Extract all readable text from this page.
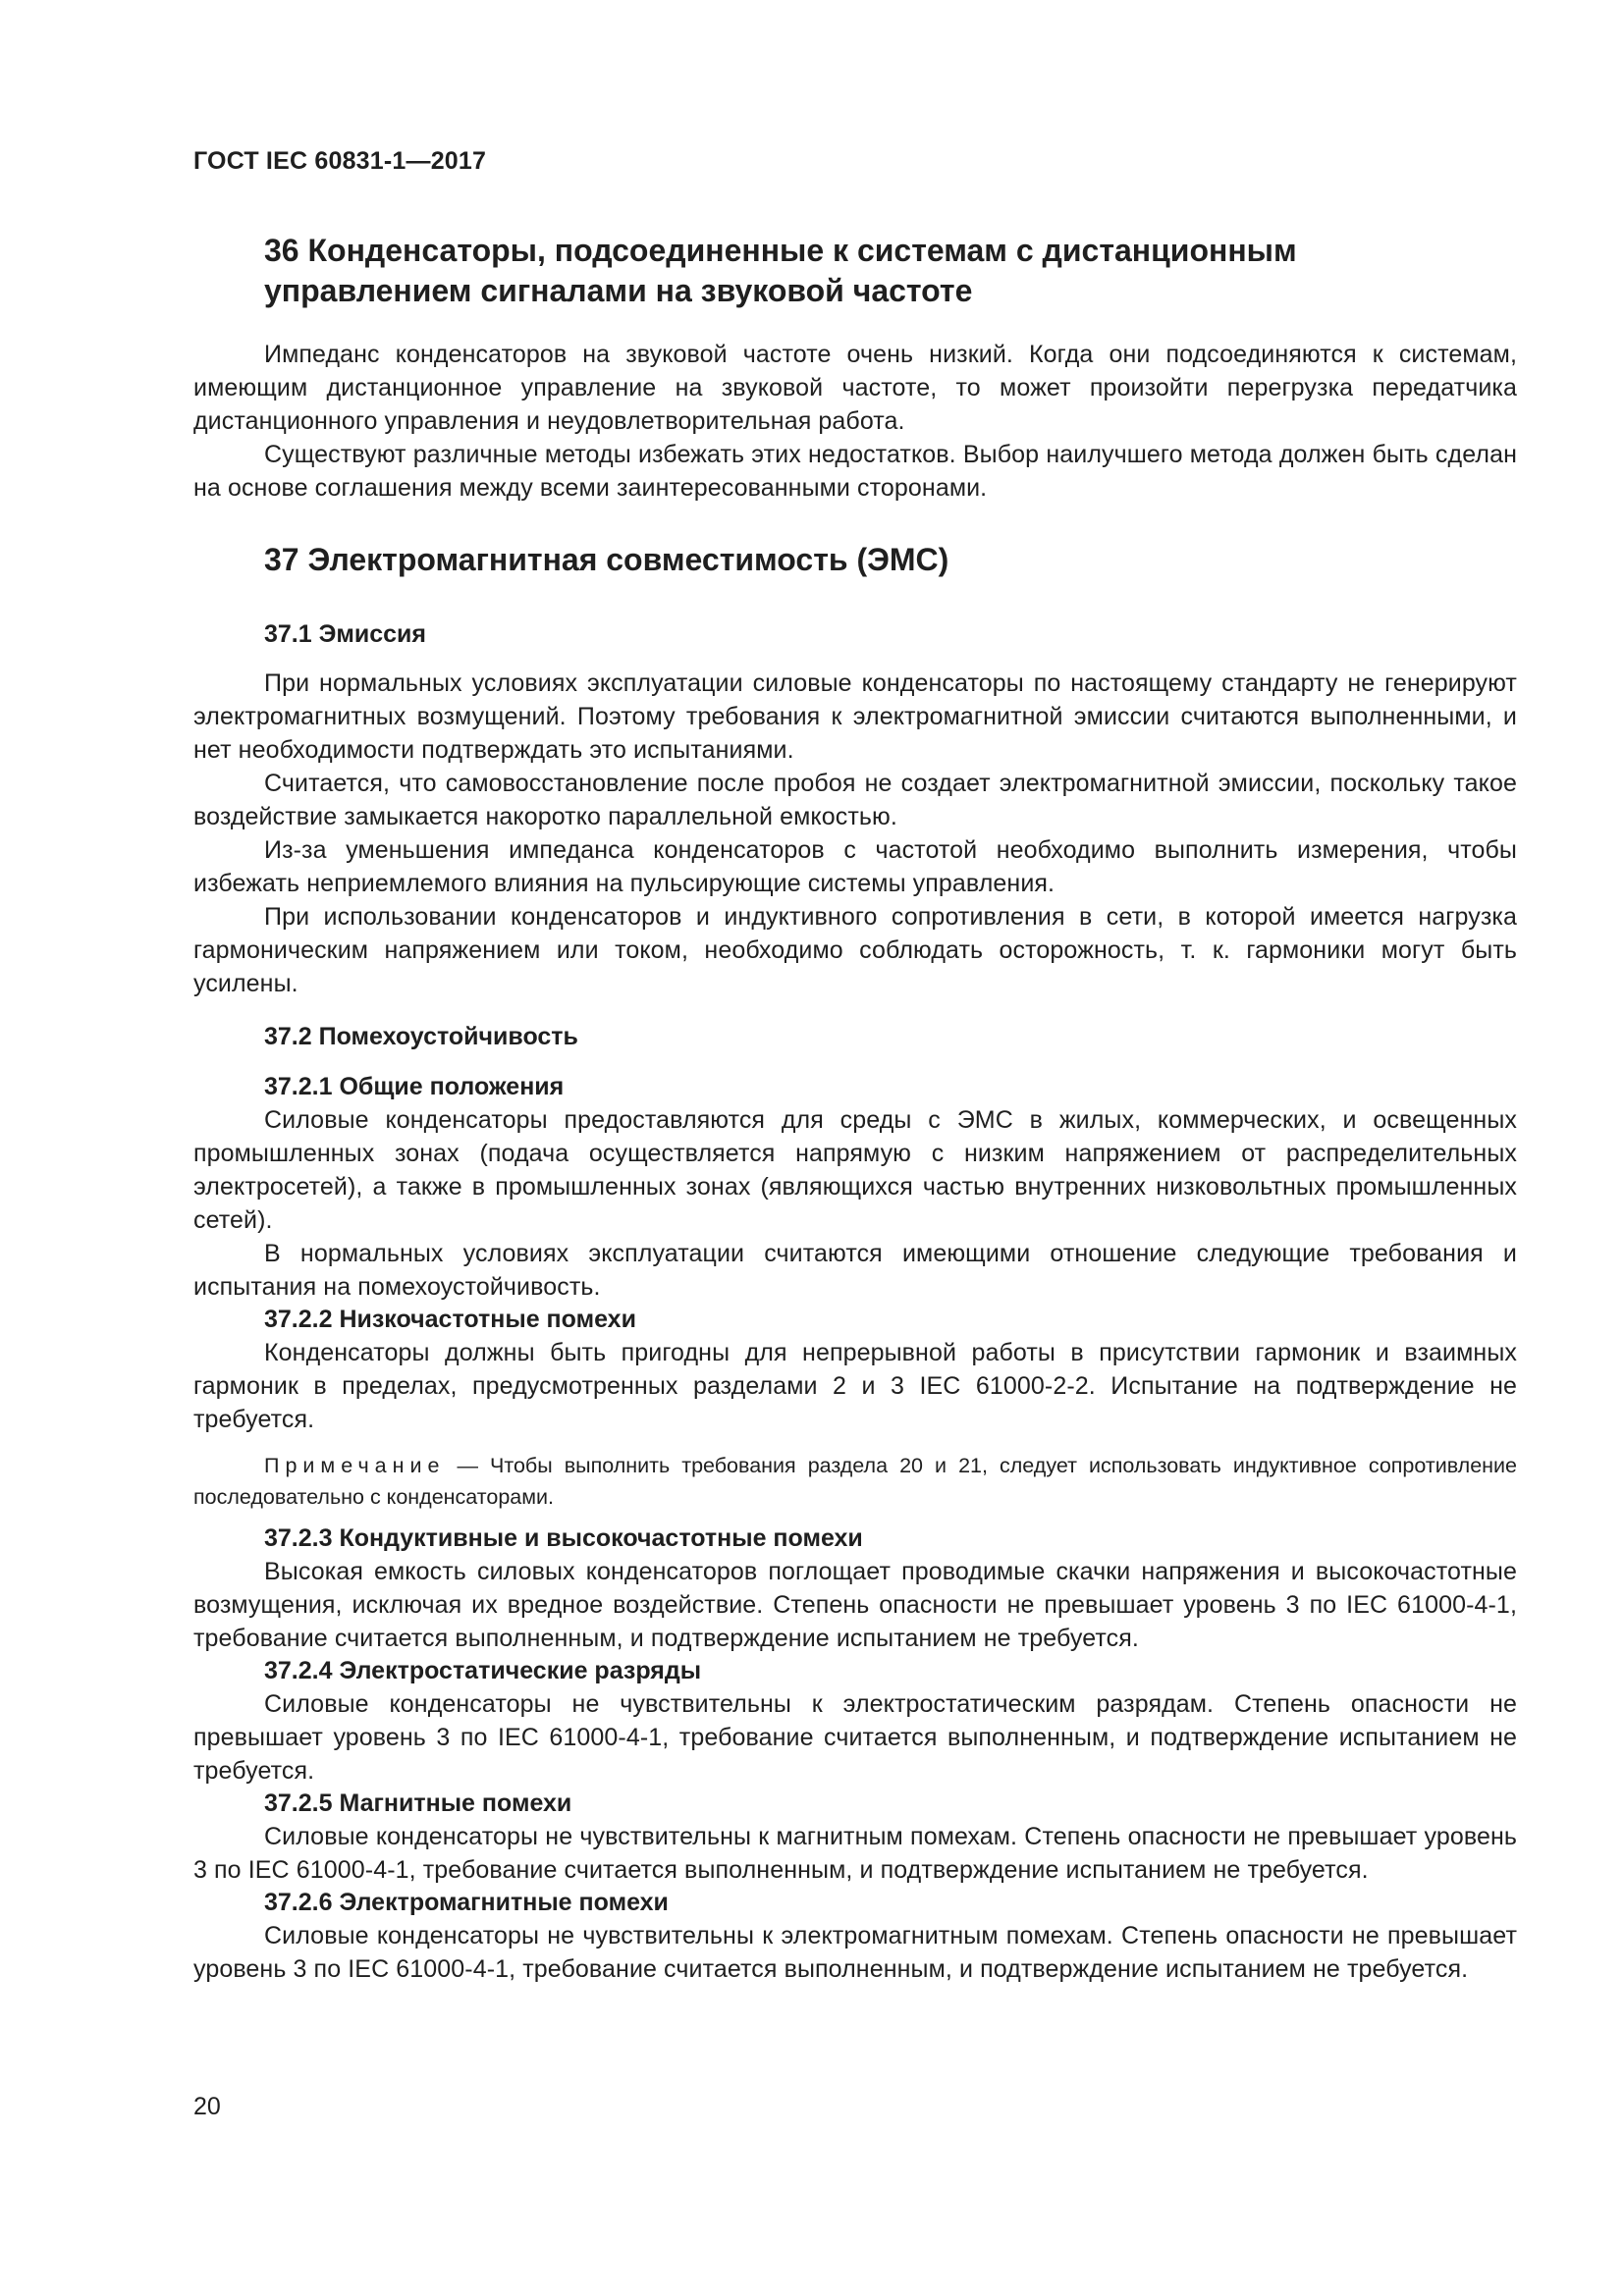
ГОСТ IEC 60831-1—2017
36 Конденсаторы, подсоединенные к системам с дистанционным
управлением сигналами на звуковой частоте

Импеданс конденсаторов на звуковой частоте очень низкий. Когда они подсоединяются к системам, имеющим дистанционное управление на звуковой частоте, то может произойти перегрузка передатчика дистанционного управления и неудовлетворительная работа.

Существуют различные методы избежать этих недостатков. Выбор наилучшего метода должен быть сделан на основе соглашения между всеми заинтересованными сторонами.

37 Электромагнитная совместимость (ЭМС)
37.1 Эмиссия

При нормальных условиях эксплуатации силовые конденсаторы по настоящему стандарту не генерируют электромагнитных возмущений. Поэтому требования к электромагнитной эмиссии считаются выполненными, и нет необходимости подтверждать это испытаниями.

Считается, что самовосстановление после пробоя не создает электромагнитной эмиссии, поскольку такое воздействие замыкается накоротко параллельной емкостью.

Из-за уменьшения импеданса конденсаторов с частотой необходимо выполнить измерения, чтобы избежать неприемлемого влияния на пульсирующие системы управления.

При использовании конденсаторов и индуктивного сопротивления в сети, в которой имеется нагрузка гармоническим напряжением или током, необходимо соблюдать осторожность, т. к. гармоники могут быть усилены.

37.2 Помехоустойчивость
37.2.1 Общие положения

Силовые конденсаторы предоставляются для среды с ЭМС в жилых, коммерческих, и освещенных промышленных зонах (подача осуществляется напрямую с низким напряжением от распределительных электросетей), а также в промышленных зонах (являющихся частью внутренних низковольтных промышленных сетей).

В нормальных условиях эксплуатации считаются имеющими отношение следующие требования и испытания на помехоустойчивость.

37.2.2 Низкочастотные помехи

Конденсаторы должны быть пригодны для непрерывной работы в присутствии гармоник и взаимных гармоник в пределах, предусмотренных разделами 2 и 3 IEC 61000-2-2. Испытание на подтверждение не требуется.

Примечание — Чтобы выполнить требования раздела 20 и 21, следует использовать индуктивное сопротивление последовательно с конденсаторами.

37.2.3 Кондуктивные и высокочастотные помехи

Высокая емкость силовых конденсаторов поглощает проводимые скачки напряжения и высокочастотные возмущения, исключая их вредное воздействие. Степень опасности не превышает уровень 3 по IEC 61000-4-1, требование считается выполненным, и подтверждение испытанием не требуется.

37.2.4 Электростатические разряды

Силовые конденсаторы не чувствительны к электростатическим разрядам. Степень опасности не превышает уровень 3 по IEC 61000-4-1, требование считается выполненным, и подтверждение испытанием не требуется.

37.2.5 Магнитные помехи

Силовые конденсаторы не чувствительны к магнитным помехам. Степень опасности не превышает уровень 3 по IEC 61000-4-1, требование считается выполненным, и подтверждение испытанием не требуется.

37.2.6 Электромагнитные помехи

Силовые конденсаторы не чувствительны к электромагнитным помехам. Степень опасности не превышает уровень 3 по IEC 61000-4-1, требование считается выполненным, и подтверждение испытанием не требуется.

20
